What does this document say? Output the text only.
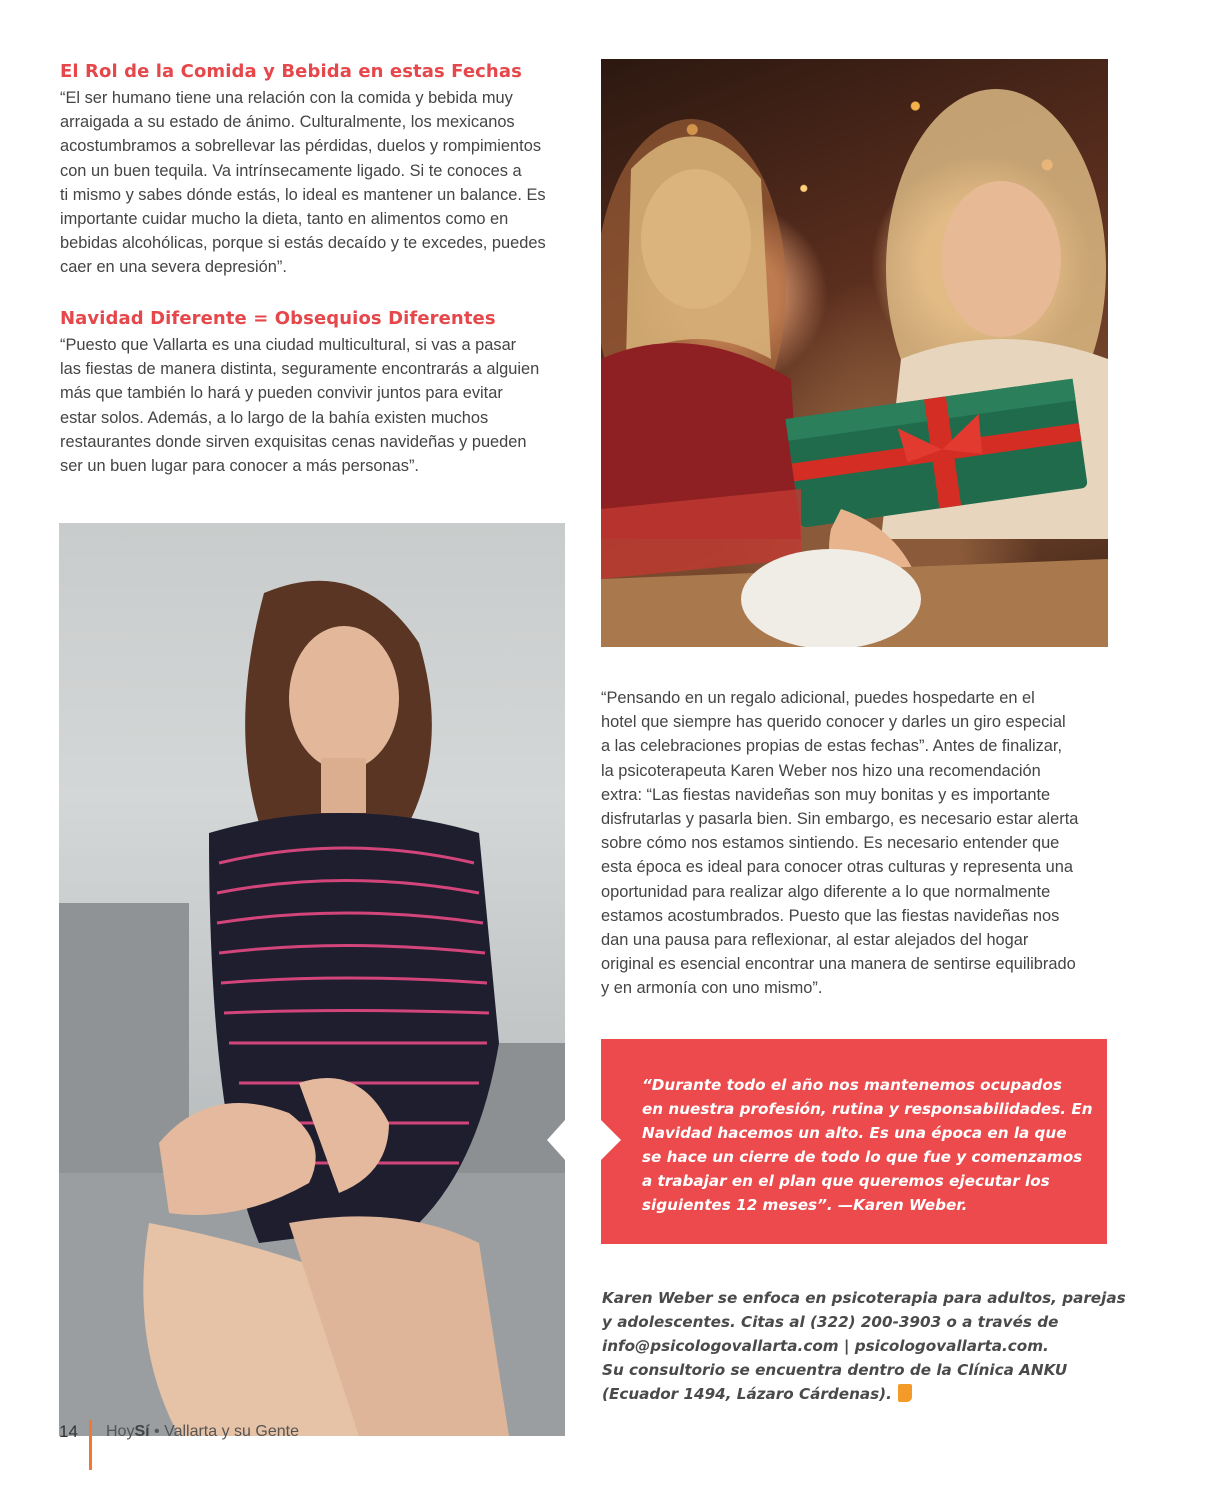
El Rol de la Comida y Bebida en estas Fechas
“El ser humano tiene una relación con la comida y bebida muy
arraigada a su estado de ánimo. Culturalmente, los mexicanos
acostumbramos a sobrellevar las pérdidas, duelos y rompimientos
con un buen tequila. Va intrínsecamente ligado. Si te conoces a
ti mismo y sabes dónde estás, lo ideal es mantener un balance. Es
importante cuidar mucho la dieta, tanto en alimentos como en
bebidas alcohólicas, porque si estás decaído y te excedes, puedes
caer en una severa depresión”.
Navidad Diferente = Obsequios Diferentes
“Puesto que Vallarta es una ciudad multicultural, si vas a pasar
las fiestas de manera distinta, seguramente encontrarás a alguien
más que también lo hará y pueden convivir juntos para evitar
estar solos. Además, a lo largo de la bahía existen muchos
restaurantes donde sirven exquisitas cenas navideñas y pueden
ser un buen lugar para conocer a más personas”.
“Pensando en un regalo adicional, puedes hospedarte en el
hotel que siempre has querido conocer y darles un giro especial
a las celebraciones propias de estas fechas”. Antes de finalizar,
la psicoterapeuta Karen Weber nos hizo una recomendación
extra: “Las fiestas navideñas son muy bonitas y es importante
disfrutarlas y pasarla bien. Sin embargo, es necesario estar alerta
sobre cómo nos estamos sintiendo. Es necesario entender que
esta época es ideal para conocer otras culturas y representa una
oportunidad para realizar algo diferente a lo que normalmente
estamos acostumbrados. Puesto que las fiestas navideñas nos
dan una pausa para reflexionar, al estar alejados del hogar
original es esencial encontrar una manera de sentirse equilibrado
y en armonía con uno mismo”.
“Durante todo el año nos mantenemos ocupados
en nuestra profesión, rutina y responsabilidades. En
Navidad hacemos un alto. Es una época en la que
se hace un cierre de todo lo que fue y comenzamos
a trabajar en el plan que queremos ejecutar los
siguientes 12 meses”. —Karen Weber.
Karen Weber se enfoca en psicoterapia para adultos, parejas
y adolescentes. Citas al (322) 200-3903 o a través de
info@psicologovallarta.com | psicologovallarta.com.
Su consultorio se encuentra dentro de la Clínica ANKU
(Ecuador 1494, Lázaro Cárdenas).
14 HoySí • Vallarta y su Gente
